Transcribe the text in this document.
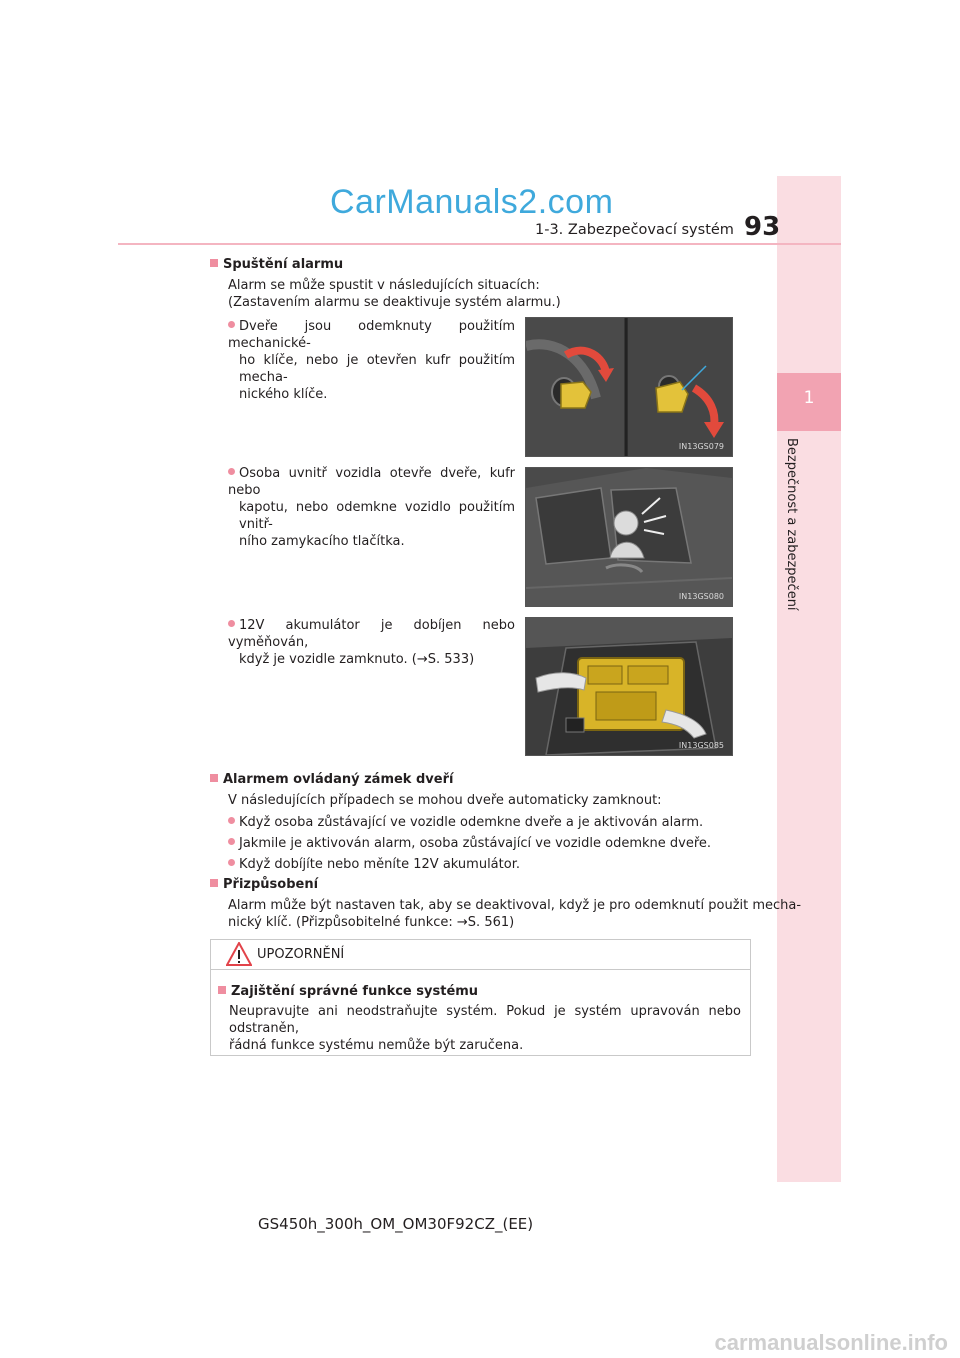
CarManuals2.com
1
Bezpečnost a zabezpečení
1-3. Zabezpečovací systém 93
Spuštění alarmu
Alarm se může spustit v následujících situacích:
(Zastavením alarmu se deaktivuje systém alarmu.)
Dveře jsou odemknuty použitím mechanické-
ho klíče, nebo je otevřen kufr použitím mecha-
nického klíče.
IN13GS079
Osoba uvnitř vozidla otevře dveře, kufr nebo
kapotu, nebo odemkne vozidlo použitím vnitř-
ního zamykacího tlačítka.
IN13GS080
12V akumulátor je dobíjen nebo vyměňován,
když je vozidle zamknuto. (→S. 533)
IN13GS085
Alarmem ovládaný zámek dveří
V následujících případech se mohou dveře automaticky zamknout:
Když osoba zůstávající ve vozidle odemkne dveře a je aktivován alarm.
Jakmile je aktivován alarm, osoba zůstávající ve vozidle odemkne dveře.
Když dobíjíte nebo měníte 12V akumulátor.
Přizpůsobení
Alarm může být nastaven tak, aby se deaktivoval, když je pro odemknutí použit mecha-
nický klíč. (Přizpůsobitelné funkce: →S. 561)
UPOZORNĚNÍ
Zajištění správné funkce systému
Neupravujte ani neodstraňujte systém. Pokud je systém upravován nebo odstraněn,
řádná funkce systému nemůže být zaručena.
GS450h_300h_OM_OM30F92CZ_(EE)
carmanualsonline.info
